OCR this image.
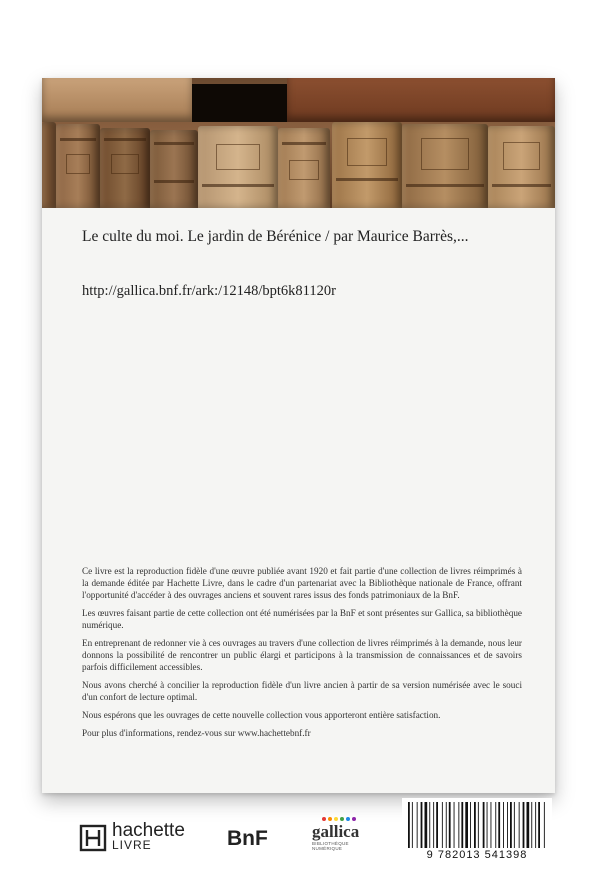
Le culte du moi. Le jardin de Bérénice / par Maurice Barrès,...
http://gallica.bnf.fr/ark:/12148/bpt6k81120r

Ce livre est la reproduction fidèle d'une œuvre publiée avant 1920 et fait partie d'une collection de livres réimprimés à la demande éditée par Hachette Livre, dans le cadre d'un partenariat avec la Bibliothèque nationale de France, offrant l'opportunité d'accéder à des ouvrages anciens et souvent rares issus des fonds patrimoniaux de la BnF.

Les œuvres faisant partie de cette collection ont été numérisées par la BnF et sont présentes sur Gallica, sa bibliothèque numérique.

En entreprenant de redonner vie à ces ouvrages au travers d'une collection de livres réimprimés à la demande, nous leur donnons la possibilité de rencontrer un public élargi et participons à la transmission de connaissances et de savoirs parfois difficilement accessibles.

Nous avons cherché à concilier la reproduction fidèle d'un livre ancien à partir de sa version numérisée avec le souci d'un confort de lecture optimal.

Nous espérons que les ouvrages de cette nouvelle collection vous apporteront entière satisfaction.

Pour plus d'informations, rendez-vous sur www.hachettebnf.fr

hachette
LIVRE	BnF	gallica
BIBLIOTHÈQUE NUMÉRIQUE
9 782013 541398
